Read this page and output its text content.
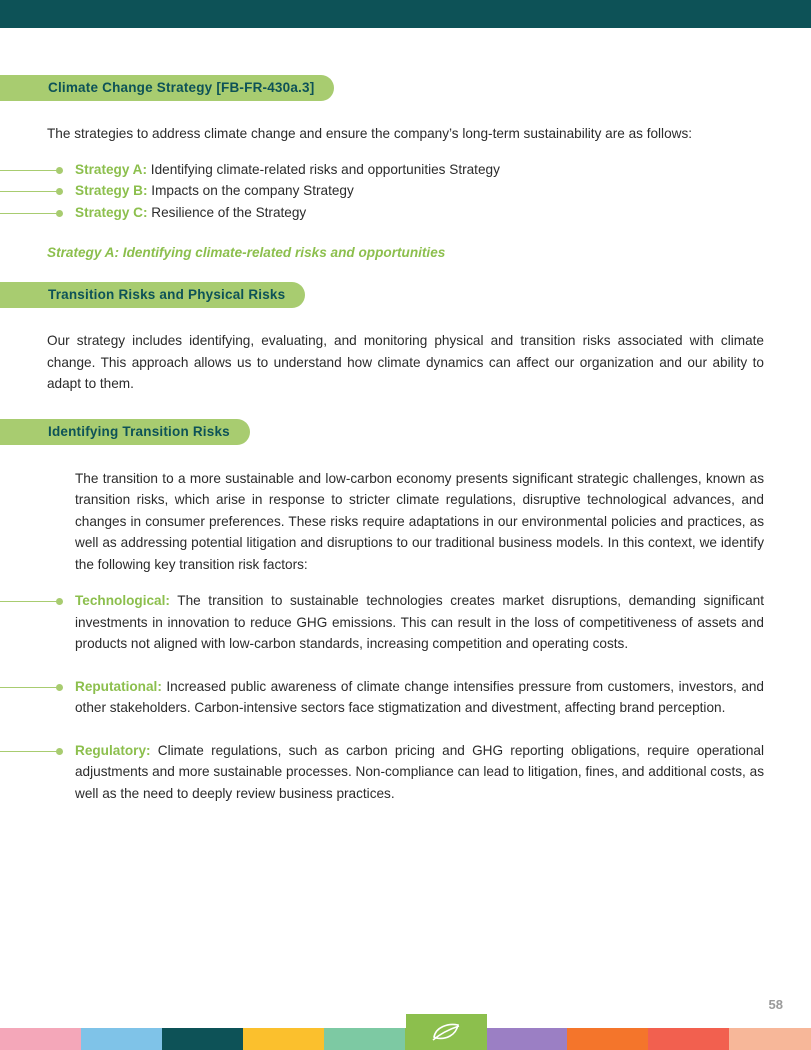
Climate Change Strategy [FB-FR-430a.3]

The strategies to address climate change and ensure the company’s long-term sustainability are as follows:

Strategy A: Identifying climate-related risks and opportunities Strategy
Strategy B: Impacts on the company Strategy
Strategy C: Resilience of the Strategy

Strategy A: Identifying climate-related risks and opportunities

Transition Risks and Physical Risks

Our strategy includes identifying, evaluating, and monitoring physical and transition risks associated with climate change. This approach allows us to understand how climate dynamics can affect our organization and our ability to adapt to them.

Identifying Transition Risks

The transition to a more sustainable and low-carbon economy presents significant strategic challenges, known as transition risks, which arise in response to stricter climate regulations, disruptive technological advances, and changes in consumer preferences. These risks require adaptations in our environmental policies and practices, as well as addressing potential litigation and disruptions to our traditional business models. In this context, we identify the following key transition risk factors:

Technological: The transition to sustainable technologies creates market disruptions, demanding significant investments in innovation to reduce GHG emissions. This can result in the loss of competitiveness of assets and products not aligned with low-carbon standards, increasing competition and operating costs.
Reputational: Increased public awareness of climate change intensifies pressure from customers, investors, and other stakeholders. Carbon-intensive sectors face stigmatization and divestment, affecting brand perception.
Regulatory: Climate regulations, such as carbon pricing and GHG reporting obligations, require operational adjustments and more sustainable processes. Non-compliance can lead to litigation, fines, and additional costs, as well as the need to deeply review business practices.
58
